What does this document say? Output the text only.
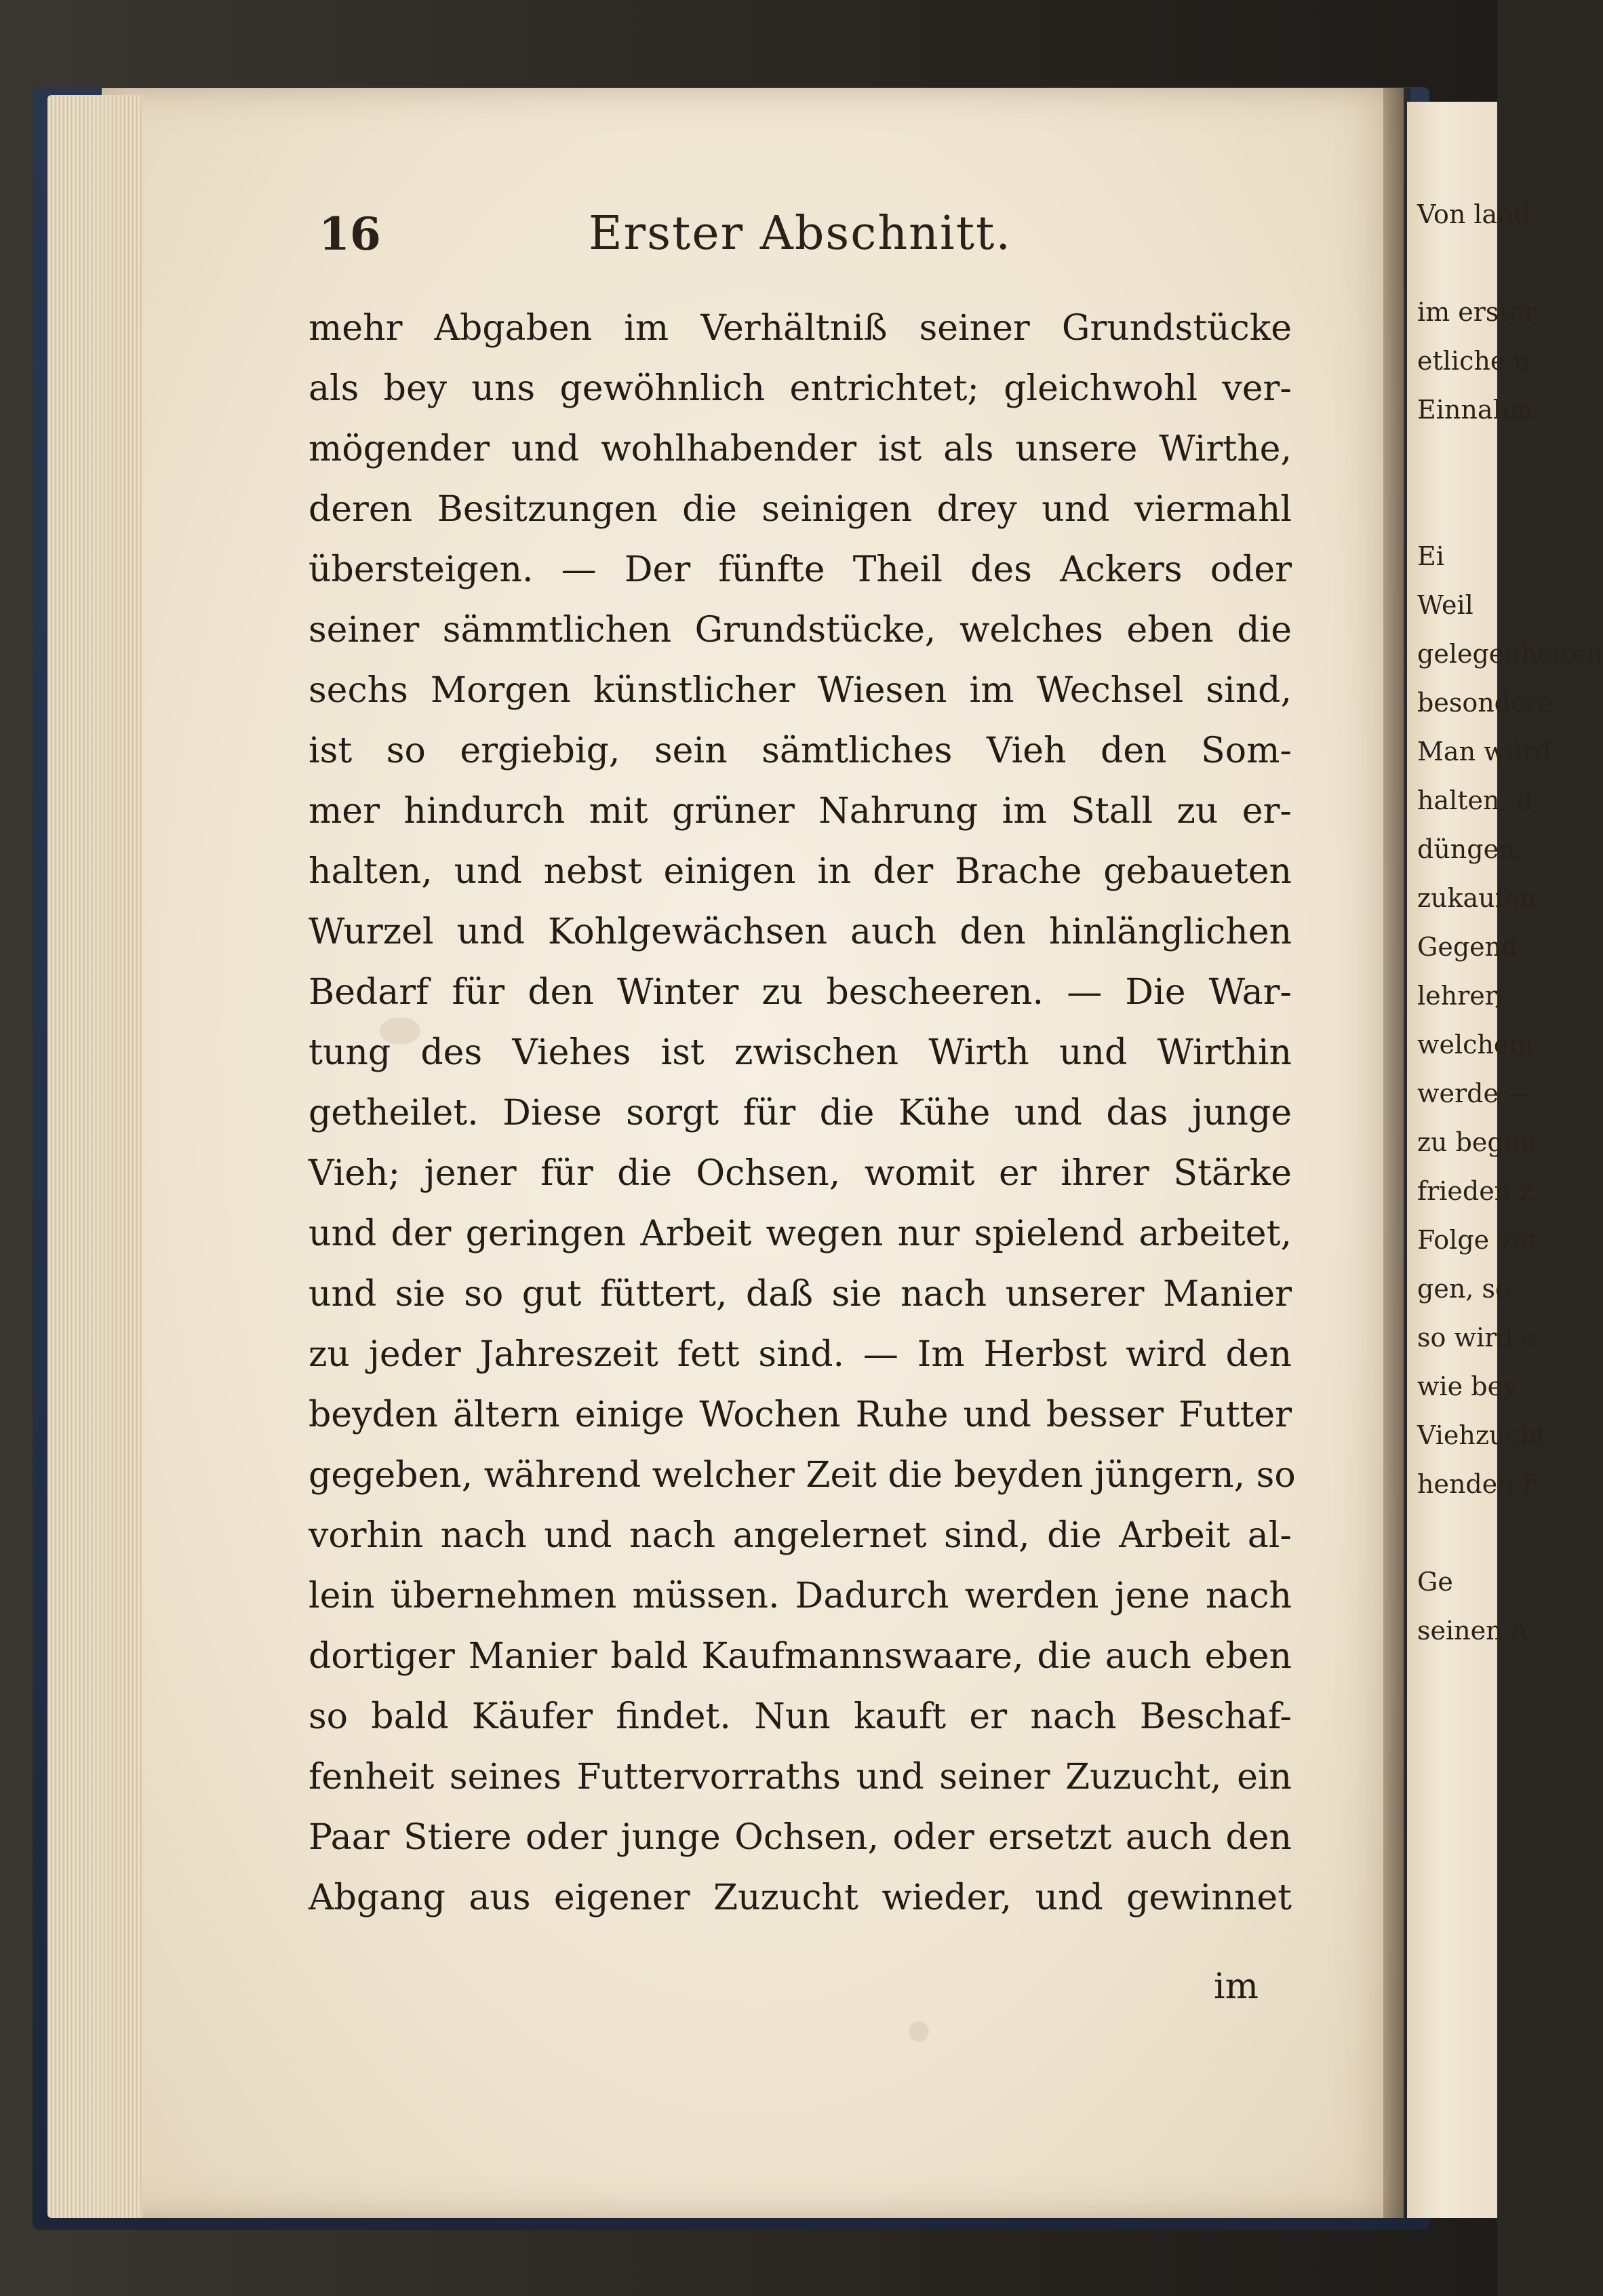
16	Erster Abschnitt.
mehr Abgaben im Verhältniß seiner Grundstücke
als bey uns gewöhnlich entrichtet; gleichwohl ver-
mögender und wohlhabender ist als unsere Wirthe,
deren Besitzungen die seinigen drey und viermahl
übersteigen. — Der fünfte Theil des Ackers oder
seiner sämmtlichen Grundstücke, welches eben die
sechs Morgen künstlicher Wiesen im Wechsel sind,
ist so ergiebig, sein sämtliches Vieh den Som-
mer hindurch mit grüner Nahrung im Stall zu er-
halten, und nebst einigen in der Brache gebaueten
Wurzel und Kohlgewächsen auch den hinlänglichen
Bedarf für den Winter zu bescheeren. — Die War-
tung des Viehes ist zwischen Wirth und Wirthin
getheilet. Diese sorgt für die Kühe und das junge
Vieh; jener für die Ochsen, womit er ihrer Stärke
und der geringen Arbeit wegen nur spielend arbeitet,
und sie so gut füttert, daß sie nach unserer Manier
zu jeder Jahreszeit fett sind. — Im Herbst wird den
beyden ältern einige Wochen Ruhe und besser Futter
gegeben, während welcher Zeit die beyden jüngern, so
vorhin nach und nach angelernet sind, die Arbeit al-
lein übernehmen müssen. Dadurch werden jene nach
dortiger Manier bald Kaufmannswaare, die auch eben
so bald Käufer findet. Nun kauft er nach Beschaf-
fenheit seines Futtervorraths und seiner Zuzucht, ein
Paar Stiere oder junge Ochsen, oder ersetzt auch den
Abgang aus eigener Zuzucht wieder, und gewinnet
im
Von land
im erster
etliche u
Einnahm
Ei
Weil
gelegenheiten
besondere
Man würd
halten, d
düngen,
zukaufen
Gegend
lehrer,
welchem
werde —
zu begnü
frieden z
Folge vor
gen, so
so wird e
wie bey
Viehzucht
henden F
Ge
seinen A
